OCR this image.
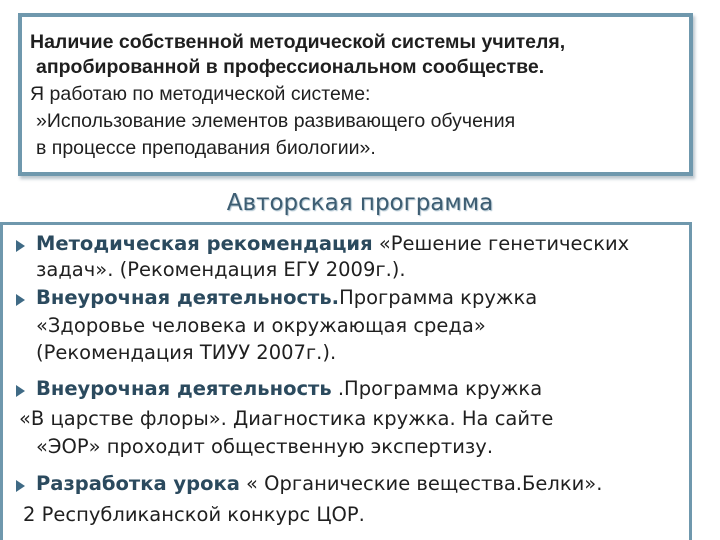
Наличие собственной методической системы учителя,
апробированной в профессиональном сообществе.
Я работаю по методической системе:
»Использование элементов развивающего обучения
в процессе преподавания биологии».
Авторская программа
Методическая рекомендация «Решение генетических
задач». (Рекомендация ЕГУ 2009г.).
Внеурочная деятельность.Программа кружка
«Здоровье человека и окружающая среда»
(Рекомендация ТИУУ 2007г.).
Внеурочная деятельность .Программа кружка
«В царстве флоры». Диагностика кружка. На сайте
«ЭОР» проходит общественную экспертизу.
Разработка урока « Органические вещества.Белки».
2 Республиканской конкурс ЦОР.
